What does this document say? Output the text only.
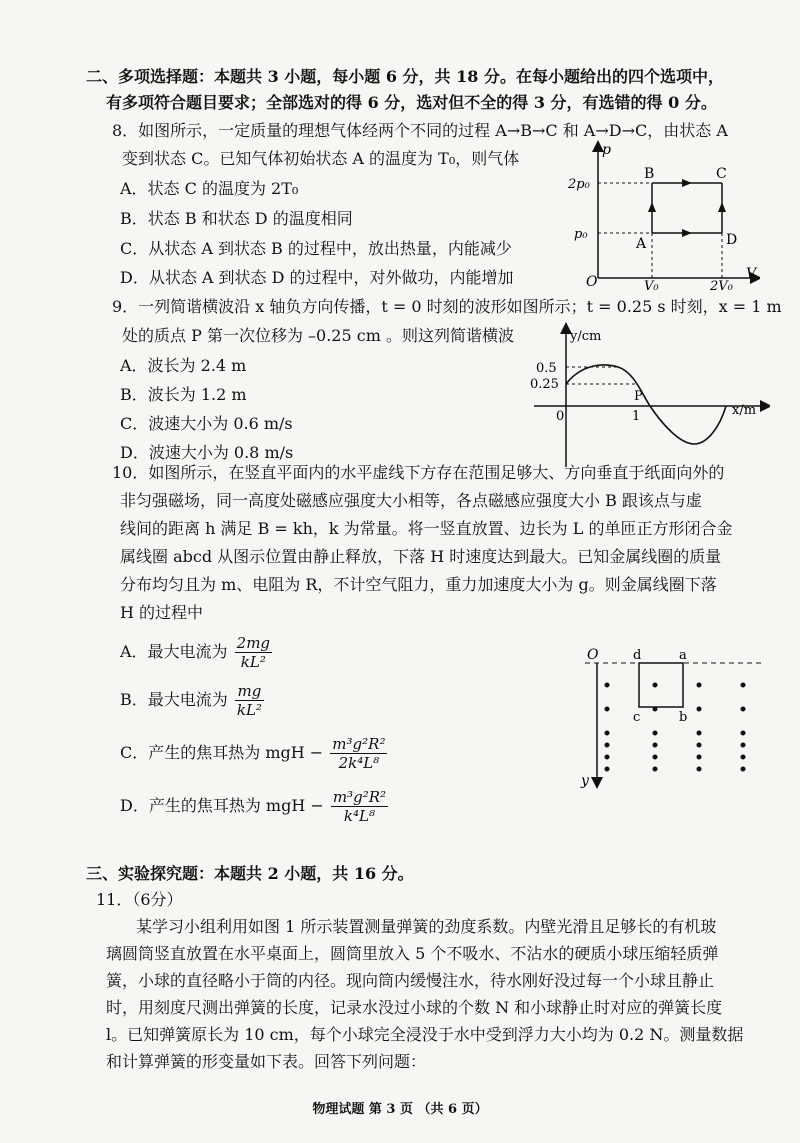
二、多项选择题：本题共 3 小题，每小题 6 分，共 18 分。在每小题给出的四个选项中，
有多项符合题目要求；全部选对的得 6 分，选对但不全的得 3 分，有选错的得 0 分。
8．如图所示，一定质量的理想气体经两个不同的过程 A→B→C 和 A→D→C，由状态 A
变到状态 C。已知气体初始状态 A 的温度为 T₀，则气体
A．状态 C 的温度为 2T₀
B．状态 B 和状态 D 的温度相同
C．从状态 A 到状态 B 的过程中，放出热量，内能减少
D．从状态 A 到状态 D 的过程中，对外做功，内能增加
p
V
O
2p₀
p₀
V₀	2V₀
A
B	C
D
9．一列简谐横波沿 x 轴负方向传播，t = 0 时刻的波形如图所示；t = 0.25 s 时刻，x = 1 m
处的质点 P 第一次位移为 –0.25 cm 。则这列简谐横波
A．波长为 2.4 m
B．波长为 1.2 m
C．波速大小为 0.6 m/s
D．波速大小为 0.8 m/s
y/cm
x/m
0
0.5
0.25
1
P
10．如图所示，在竖直平面内的水平虚线下方存在范围足够大、方向垂直于纸面向外的
非匀强磁场，同一高度处磁感应强度大小相等，各点磁感应强度大小 B 跟该点与虚
线间的距离 h 满足 B = kh，k 为常量。将一竖直放置、边长为 L 的单匝正方形闭合金
属线圈 abcd 从图示位置由静止释放，下落 H 时速度达到最大。已知金属线圈的质量
分布均匀且为 m、电阻为 R，不计空气阻力，重力加速度大小为 g。则金属线圈下落
H 的过程中
A．最大电流为 $\frac{2mg}{\text{kL²}}$
B．最大电流为 $\frac{mg}{\text{kL²}}$
C．产生的焦耳热为 mgH − $\frac{\text{m³g²R²}}{\text{2k⁴L⁸}}$
D．产生的焦耳热为 mgH − $\frac{\text{m³g²R²}}{\text{k⁴L⁸}}$
O
y
d	a
c	b
三、实验探究题：本题共 2 小题，共 16 分。
11．（6分）
某学习小组利用如图 1 所示装置测量弹簧的劲度系数。内壁光滑且足够长的有机玻
璃圆筒竖直放置在水平桌面上，圆筒里放入 5 个不吸水、不沾水的硬质小球压缩轻质弹
簧，小球的直径略小于筒的内径。现向筒内缓慢注水，待水刚好没过每一个小球且静止
时，用刻度尺测出弹簧的长度，记录水没过小球的个数 N 和小球静止时对应的弹簧长度
l。已知弹簧原长为 10 cm，每个小球完全浸没于水中受到浮力大小均为 0.2 N。测量数据
和计算弹簧的形变量如下表。回答下列问题：
物理试题 第 3 页 （共 6 页）
